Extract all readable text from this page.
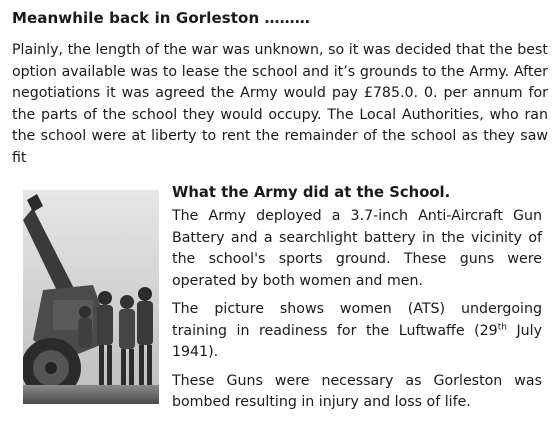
Meanwhile back in Gorleston ………

Plainly, the length of the war was unknown, so it was decided that the best option available was to lease the school and it’s grounds to the Army. After negotiations it was agreed the Army would pay £785.0. 0. per annum for the parts of the school they would occupy. The Local Authorities, who ran the school were at liberty to rent the remainder of the school as they saw fit

What the Army did at the School.

The Army deployed a 3.7-inch Anti-Aircraft Gun Battery and a searchlight battery in the vicinity of the school's sports ground. These guns were operated by both women and men.

The picture shows women (ATS) undergoing training in readiness for the Luftwaffe (29th July 1941).

These Guns were necessary as Gorleston was bombed resulting in injury and loss of life.
